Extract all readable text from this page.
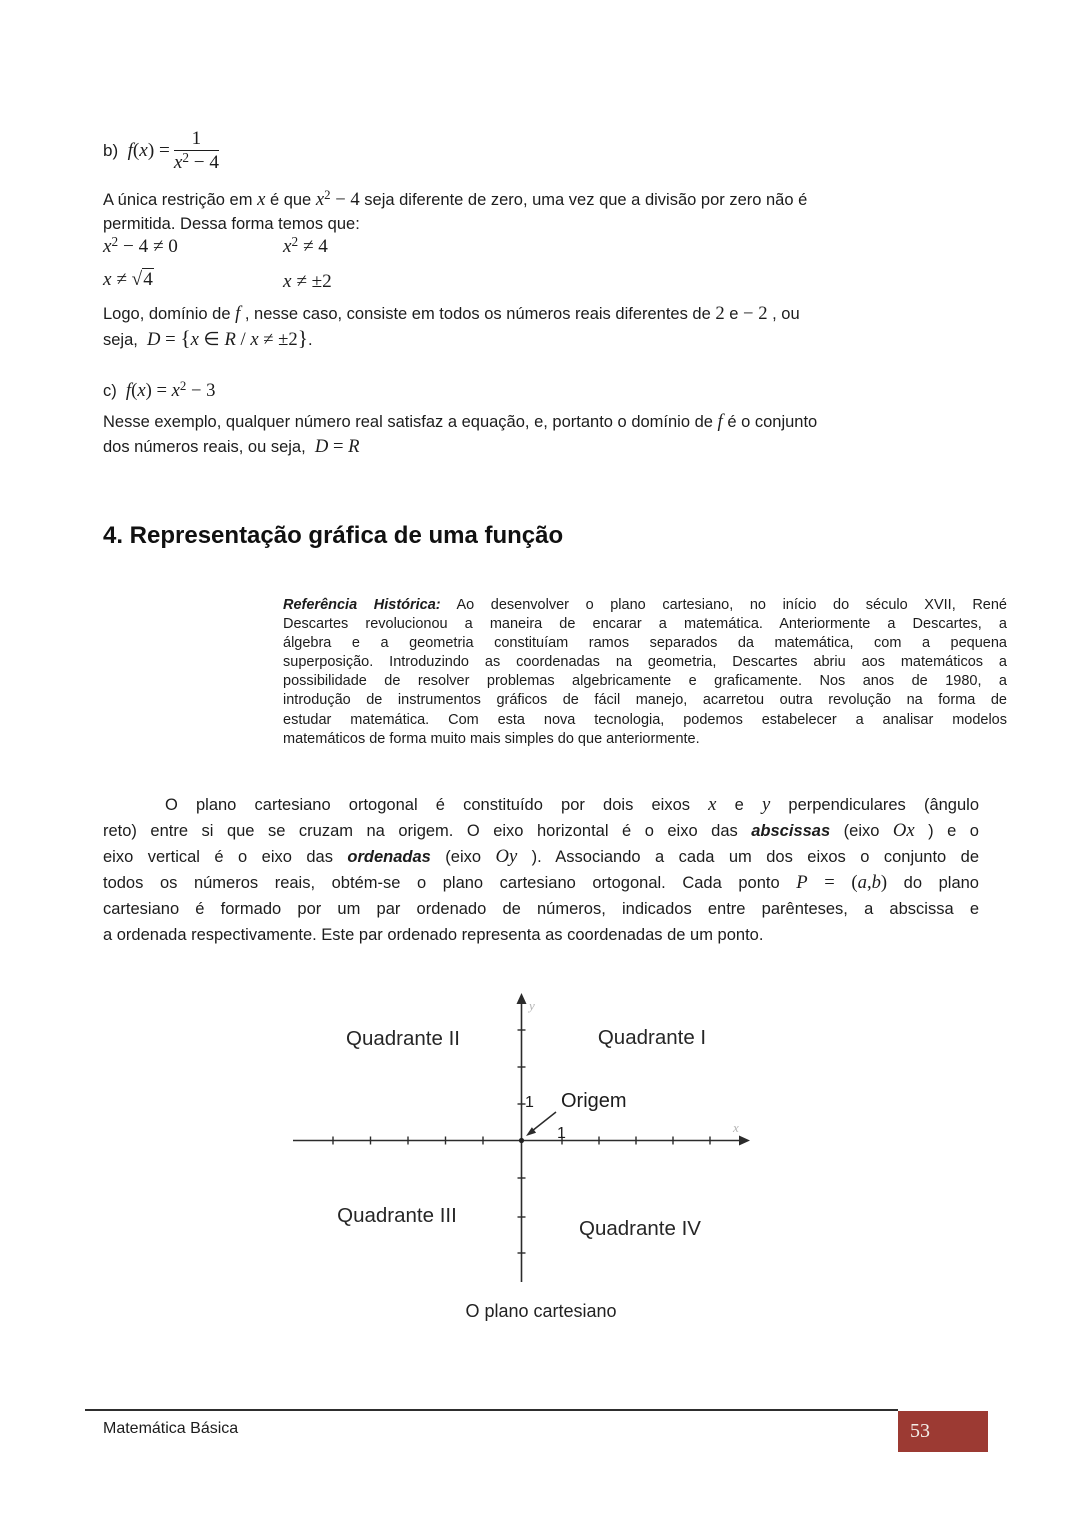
b)  $f(x) = \frac{1}{x^2 - 4}$
A única restrição em x é que $x^2 - 4$ seja diferente de zero, uma vez que a divisão por zero não é
permitida. Dessa forma temos que:
$x^2 - 4 \ne 0$	$x^2 \ne 4$
x ≠ √4	x ≠ ±2
Logo, domínio de f , nesse caso, consiste em todos os números reais diferentes de 2 e − 2 , ou
seja,  D = {x ∈ R / x ≠ ±2}.
c)  $f(x) = x^2 - 3$
Nesse exemplo, qualquer número real satisfaz a equação, e, portanto o domínio de f é o conjunto
dos números reais, ou seja,  D = R
4. Representação gráfica de uma função
Referência Histórica: Ao desenvolver o plano cartesiano, no início do século XVII, René
Descartes revolucionou a maneira de encarar a matemática. Anteriormente a Descartes, a
álgebra e a geometria constituíam ramos separados da matemática, com a pequena
superposição. Introduzindo as coordenadas na geometria, Descartes abriu aos matemáticos a
possibilidade de resolver problemas algebricamente e graficamente. Nos anos de 1980, a
introdução de instrumentos gráficos de fácil manejo, acarretou outra revolução na forma de
estudar matemática. Com esta nova tecnologia, podemos estabelecer a analisar modelos
matemáticos de forma muito mais simples do que anteriormente.
O plano cartesiano ortogonal é constituído por dois eixos x e y perpendiculares (ângulo
reto) entre si que se cruzam na origem. O eixo horizontal é o eixo das abscissas (eixo Ox ) e o
eixo vertical é o eixo das ordenadas (eixo Oy ). Associando a cada um dos eixos o conjunto de
todos os números reais, obtém-se o plano cartesiano ortogonal. Cada ponto P = (a,b) do plano
cartesiano é formado por um par ordenado de números, indicados entre parênteses, a abscissa e
a ordenada respectivamente. Este par ordenado representa as coordenadas de um ponto.
y
x
1
1
Origem
Quadrante II	Quadrante I
Quadrante III
Quadrante IV
O plano cartesiano
Matemática Básica	53
